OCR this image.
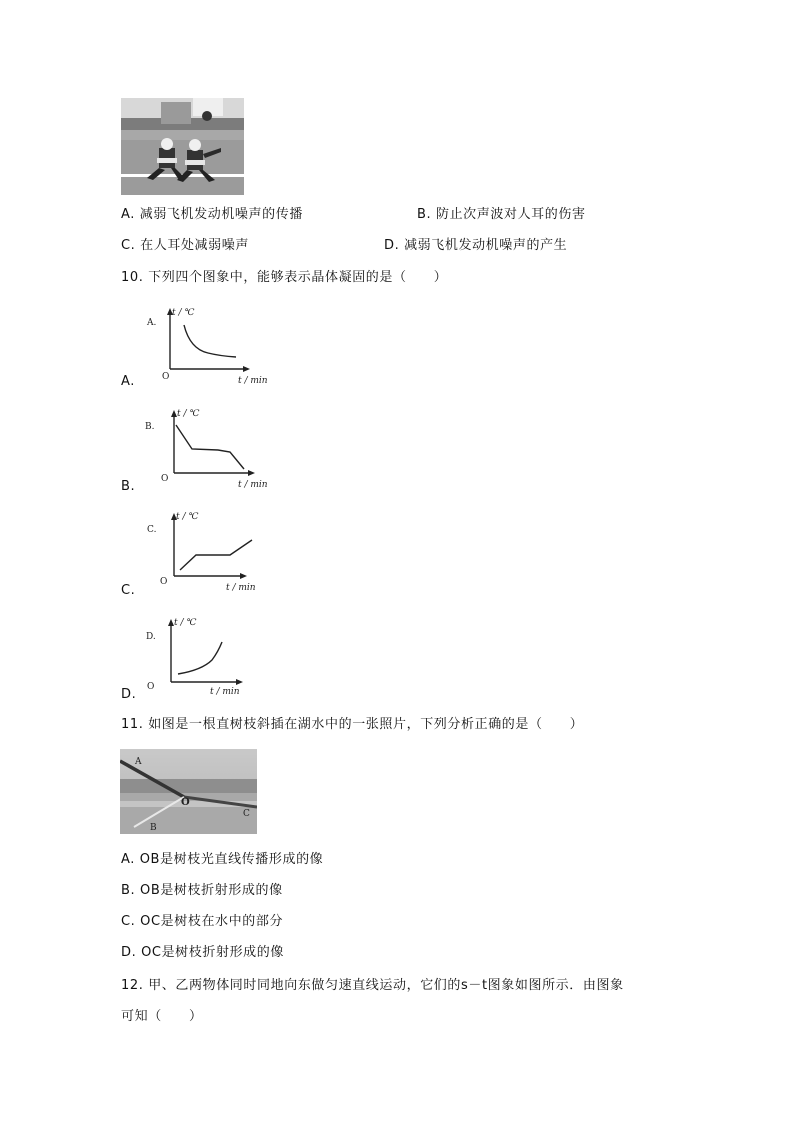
A. 减弱飞机发动机噪声的传播	B. 防止次声波对人耳的伤害
C. 在人耳处减弱噪声	D. 减弱飞机发动机噪声的产生
10. 下列四个图象中，能够表示晶体凝固的是（　　）
A.
A.
t / ℃
O	t / min
B.
B.
t / ℃
O
t / min
C.
C.
t / ℃
O
t / min
D.
D.
t / ℃
O	t / min
11. 如图是一根直树枝斜插在湖水中的一张照片，下列分析正确的是（　　）
A
O
B
C
A. OB是树枝光直线传播形成的像
B. OB是树枝折射形成的像
C. OC是树枝在水中的部分
D. OC是树枝折射形成的像
12. 甲、乙两物体同时同地向东做匀速直线运动，它们的s－t图象如图所示．由图象
可知（　　）
